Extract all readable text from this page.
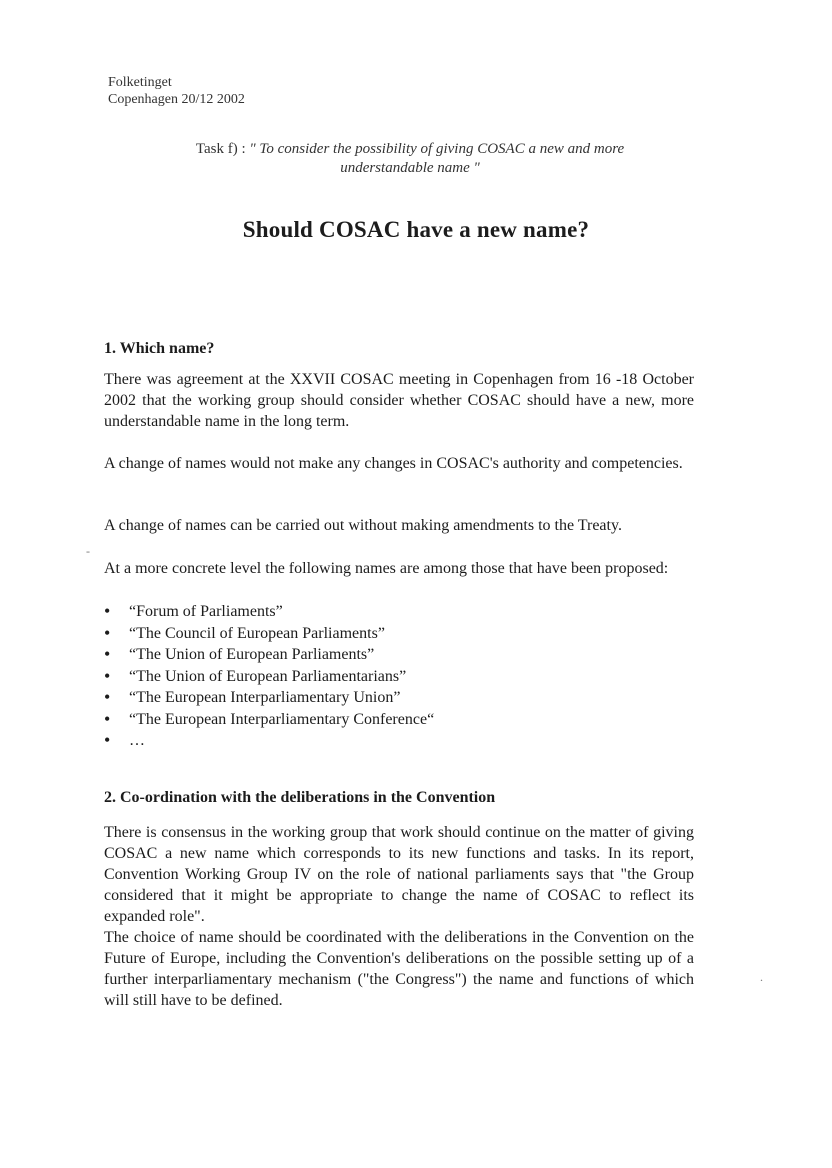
Folketinget
Copenhagen 20/12 2002
Task f) : " To consider the possibility of giving COSAC a new and more understandable name "
Should COSAC have a new name?
1. Which name?
There was agreement at the XXVII COSAC meeting in Copenhagen from 16 -18 October 2002 that the working group should consider whether COSAC should have a new, more understandable name in the long term.
A change of names would not make any changes in COSAC's authority and competencies.
A change of names can be carried out without making amendments to the Treaty.
At a more concrete level the following names are among those that have been proposed:
• “Forum of Parliaments”
• “The Council of European Parliaments”
• “The Union of European Parliaments”
• “The Union of European Parliamentarians”
• “The European Interparliamentary Union”
• “The European Interparliamentary Conference“
• …
2. Co-ordination with the deliberations in the Convention
There is consensus in the working group that work should continue on the matter of giving COSAC a new name which corresponds to its new functions and tasks. In its report, Convention Working Group IV on the role of national parliaments says that "the Group considered that it might be appropriate to change the name of COSAC to reflect its expanded role".
The choice of name should be coordinated with the deliberations in the Convention on the Future of Europe, including the Convention's deliberations on the possible setting up of a further interparliamentary mechanism ("the Congress") the name and functions of which will still have to be defined.
-
.
